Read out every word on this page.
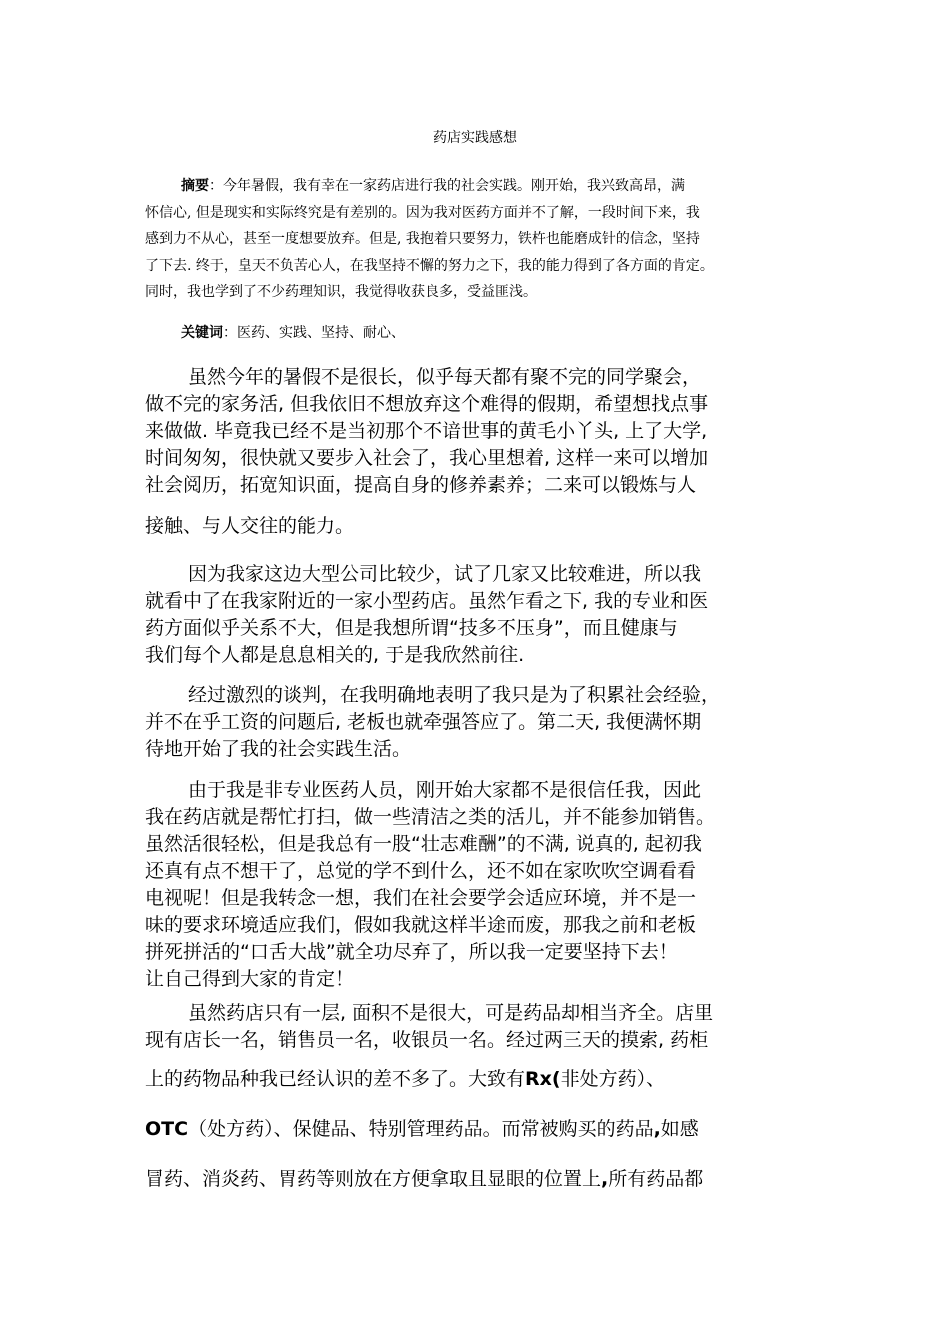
药店实践感想
摘要：今年暑假，我有幸在一家药店进行我的社会实践。刚开始，我兴致高昂，满
怀信心, 但是现实和实际终究是有差别的。因为我对医药方面并不了解，一段时间下来，我
感到力不从心，甚至一度想要放弃。但是, 我抱着只要努力，铁杵也能磨成针的信念，坚持
了下去. 终于，皇天不负苦心人，在我坚持不懈的努力之下，我的能力得到了各方面的肯定。
同时，我也学到了不少药理知识，我觉得收获良多，受益匪浅。

关键词：医药、实践、坚持、耐心、

虽然今年的暑假不是很长，似乎每天都有聚不完的同学聚会，
做不完的家务活, 但我依旧不想放弃这个难得的假期，希望想找点事
来做做. 毕竟我已经不是当初那个不谙世事的黄毛小丫头, 上了大学,
时间匆匆，很快就又要步入社会了，我心里想着, 这样一来可以增加
社会阅历，拓宽知识面，提高自身的修养素养；二来可以锻炼与人
接触、与人交往的能力。
因为我家这边大型公司比较少，试了几家又比较难进，所以我
就看中了在我家附近的一家小型药店。虽然乍看之下, 我的专业和医
药方面似乎关系不大，但是我想所谓“技多不压身”，而且健康与
我们每个人都是息息相关的, 于是我欣然前往.
经过激烈的谈判，在我明确地表明了我只是为了积累社会经验，
并不在乎工资的问题后, 老板也就牵强答应了。第二天, 我便满怀期
待地开始了我的社会实践生活。
由于我是非专业医药人员，刚开始大家都不是很信任我，因此
我在药店就是帮忙打扫，做一些清洁之类的活儿，并不能参加销售。
虽然活很轻松，但是我总有一股“壮志难酬”的不满, 说真的, 起初我
还真有点不想干了，总觉的学不到什么，还不如在家吹吹空调看看
电视呢！但是我转念一想，我们在社会要学会适应环境，并不是一
味的要求环境适应我们，假如我就这样半途而废，那我之前和老板
拼死拼活的“口舌大战”就全功尽弃了，所以我一定要坚持下去！
让自己得到大家的肯定！
虽然药店只有一层, 面积不是很大，可是药品却相当齐全。店里
现有店长一名，销售员一名，收银员一名。经过两三天的摸索, 药柜
上的药物品种我已经认识的差不多了。大致有Rx(非处方药）、
OTC（处方药）、保健品、特别管理药品。而常被购买的药品,如感
冒药、消炎药、胃药等则放在方便拿取且显眼的位置上,所有药品都
